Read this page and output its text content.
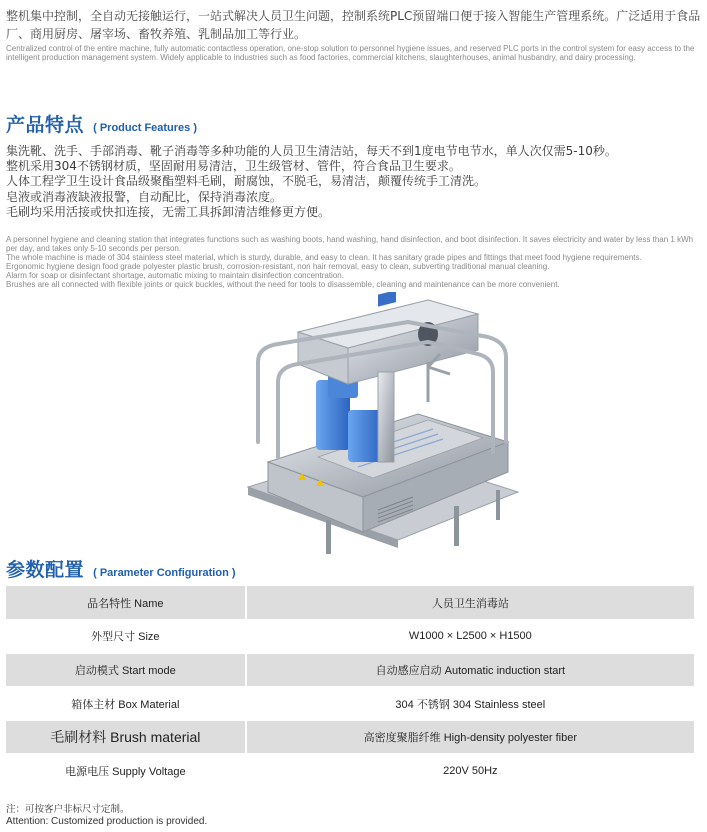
整机集中控制，全自动无接触运行，一站式解决人员卫生问题，控制系统PLC预留端口便于接入智能生产管理系统。广泛适用于食品厂、商用厨房、屠宰场、畜牧养殖、乳制品加工等行业。
Centralized control of the entire machine, fully automatic contactless operation, one-stop solution to personnel hygiene issues, and reserved PLC ports in the control system for easy access to the intelligent production management system. Widely applicable to industries such as food factories, commercial kitchens, slaughterhouses, animal husbandry, and dairy processing.
产品特点 ( Product Features )
集洗靴、洗手、手部消毒、靴子消毒等多种功能的人员卫生清洁站，每天不到1度电节电节水，单人次仅需5-10秒。
整机采用304不锈钢材质，坚固耐用易清洁，卫生级管材、管件，符合食品卫生要求。
人体工程学卫生设计食品级聚酯塑料毛刷，耐腐蚀，不脱毛，易清洁，颠覆传统手工清洗。
皂液或消毒液缺液报警，自动配比，保持消毒浓度。
毛刷均采用活接或快扣连接，无需工具拆卸清洁维修更方便。
A personnel hygiene and cleaning station that integrates functions such as washing boots, hand washing, hand disinfection, and boot disinfection. It saves electricity and water by less than 1 kWh per day, and takes only 5-10 seconds per person.
The whole machine is made of 304 stainless steel material, which is sturdy, durable, and easy to clean. It has sanitary grade pipes and fittings that meet food hygiene requirements.
Ergonomic hygiene design food grade polyester plastic brush, corrosion-resistant, non hair removal, easy to clean, subverting traditional manual cleaning.
Alarm for soap or disinfectant shortage, automatic mixing to maintain disinfection concentration.
Brushes are all connected with flexible joints or quick buckles, without the need for tools to disassemble, cleaning and maintenance can be more convenient.
参数配置 ( Parameter Configuration )
品名特性 Name	人员卫生消毒站
外型尺寸 Size	W1000 × L2500 × H1500
启动模式 Start mode	自动感应启动 Automatic induction start
箱体主材 Box Material	304 不锈钢 304 Stainless steel
毛刷材料 Brush material	高密度聚脂纤维 High-density polyester fiber
电源电压 Supply Voltage	220V 50Hz
注：可按客户非标尺寸定制。
Attention: Customized production is provided.
